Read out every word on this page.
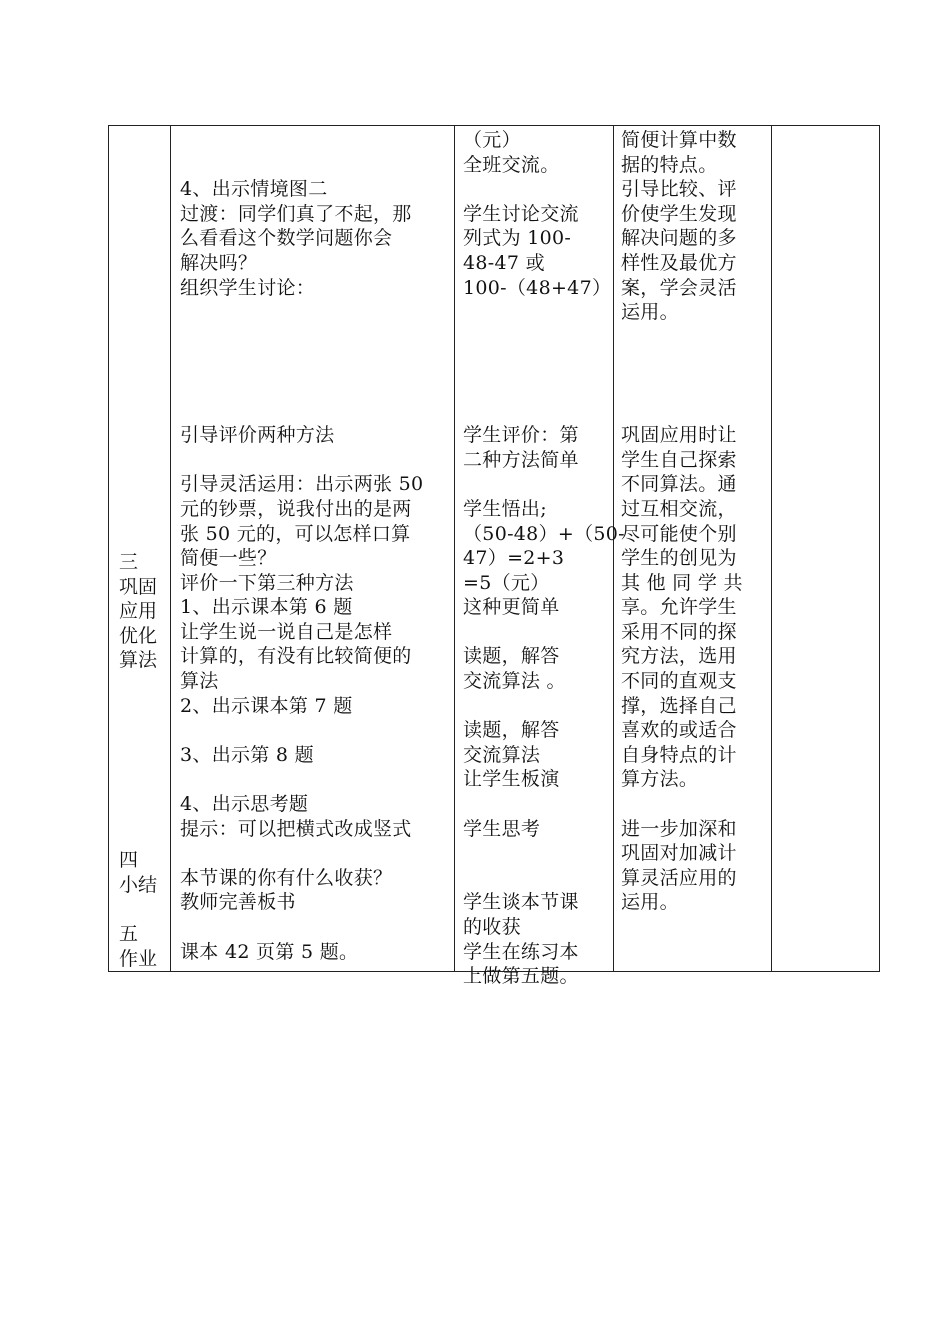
三
巩固
应用
优化
算法
四
小结
五
作业
4、出示情境图二
过渡：同学们真了不起，那
么看看这个数学问题你会
解决吗？
组织学生讨论：
引导评价两种方法
引导灵活运用：出示两张 50
元的钞票，说我付出的是两
张 50 元的，可以怎样口算
简便一些？
评价一下第三种方法
1、出示课本第 6 题
让学生说一说自己是怎样
计算的，有没有比较简便的
算法
2、出示课本第 7 题
3、出示第 8 题
4、出示思考题
提示：可以把横式改成竖式
本节课的你有什么收获？
教师完善板书
课本 42 页第 5 题。
（元）
全班交流。
学生讨论交流
列式为 100-
48-47 或
100-（48+47）
学生评价：第
二种方法简单
学生悟出;
（50-48）+（50-
47）=2+3
=5（元）
这种更简单
读题，解答
交流算法 。
读题，解答
交流算法
让学生板演
学生思考
学生谈本节课
的收获
学生在练习本
上做第五题。
简便计算中数
据的特点。
引导比较、评
价使学生发现
解决问题的多
样性及最优方
案，学会灵活
运用。
巩固应用时让
学生自己探索
不同算法。通
过互相交流，
尽可能使个别
学生的创见为
其 他 同 学 共
享。允许学生
采用不同的探
究方法，选用
不同的直观支
撑，选择自己
喜欢的或适合
自身特点的计
算方法。
进一步加深和
巩固对加减计
算灵活应用的
运用。
